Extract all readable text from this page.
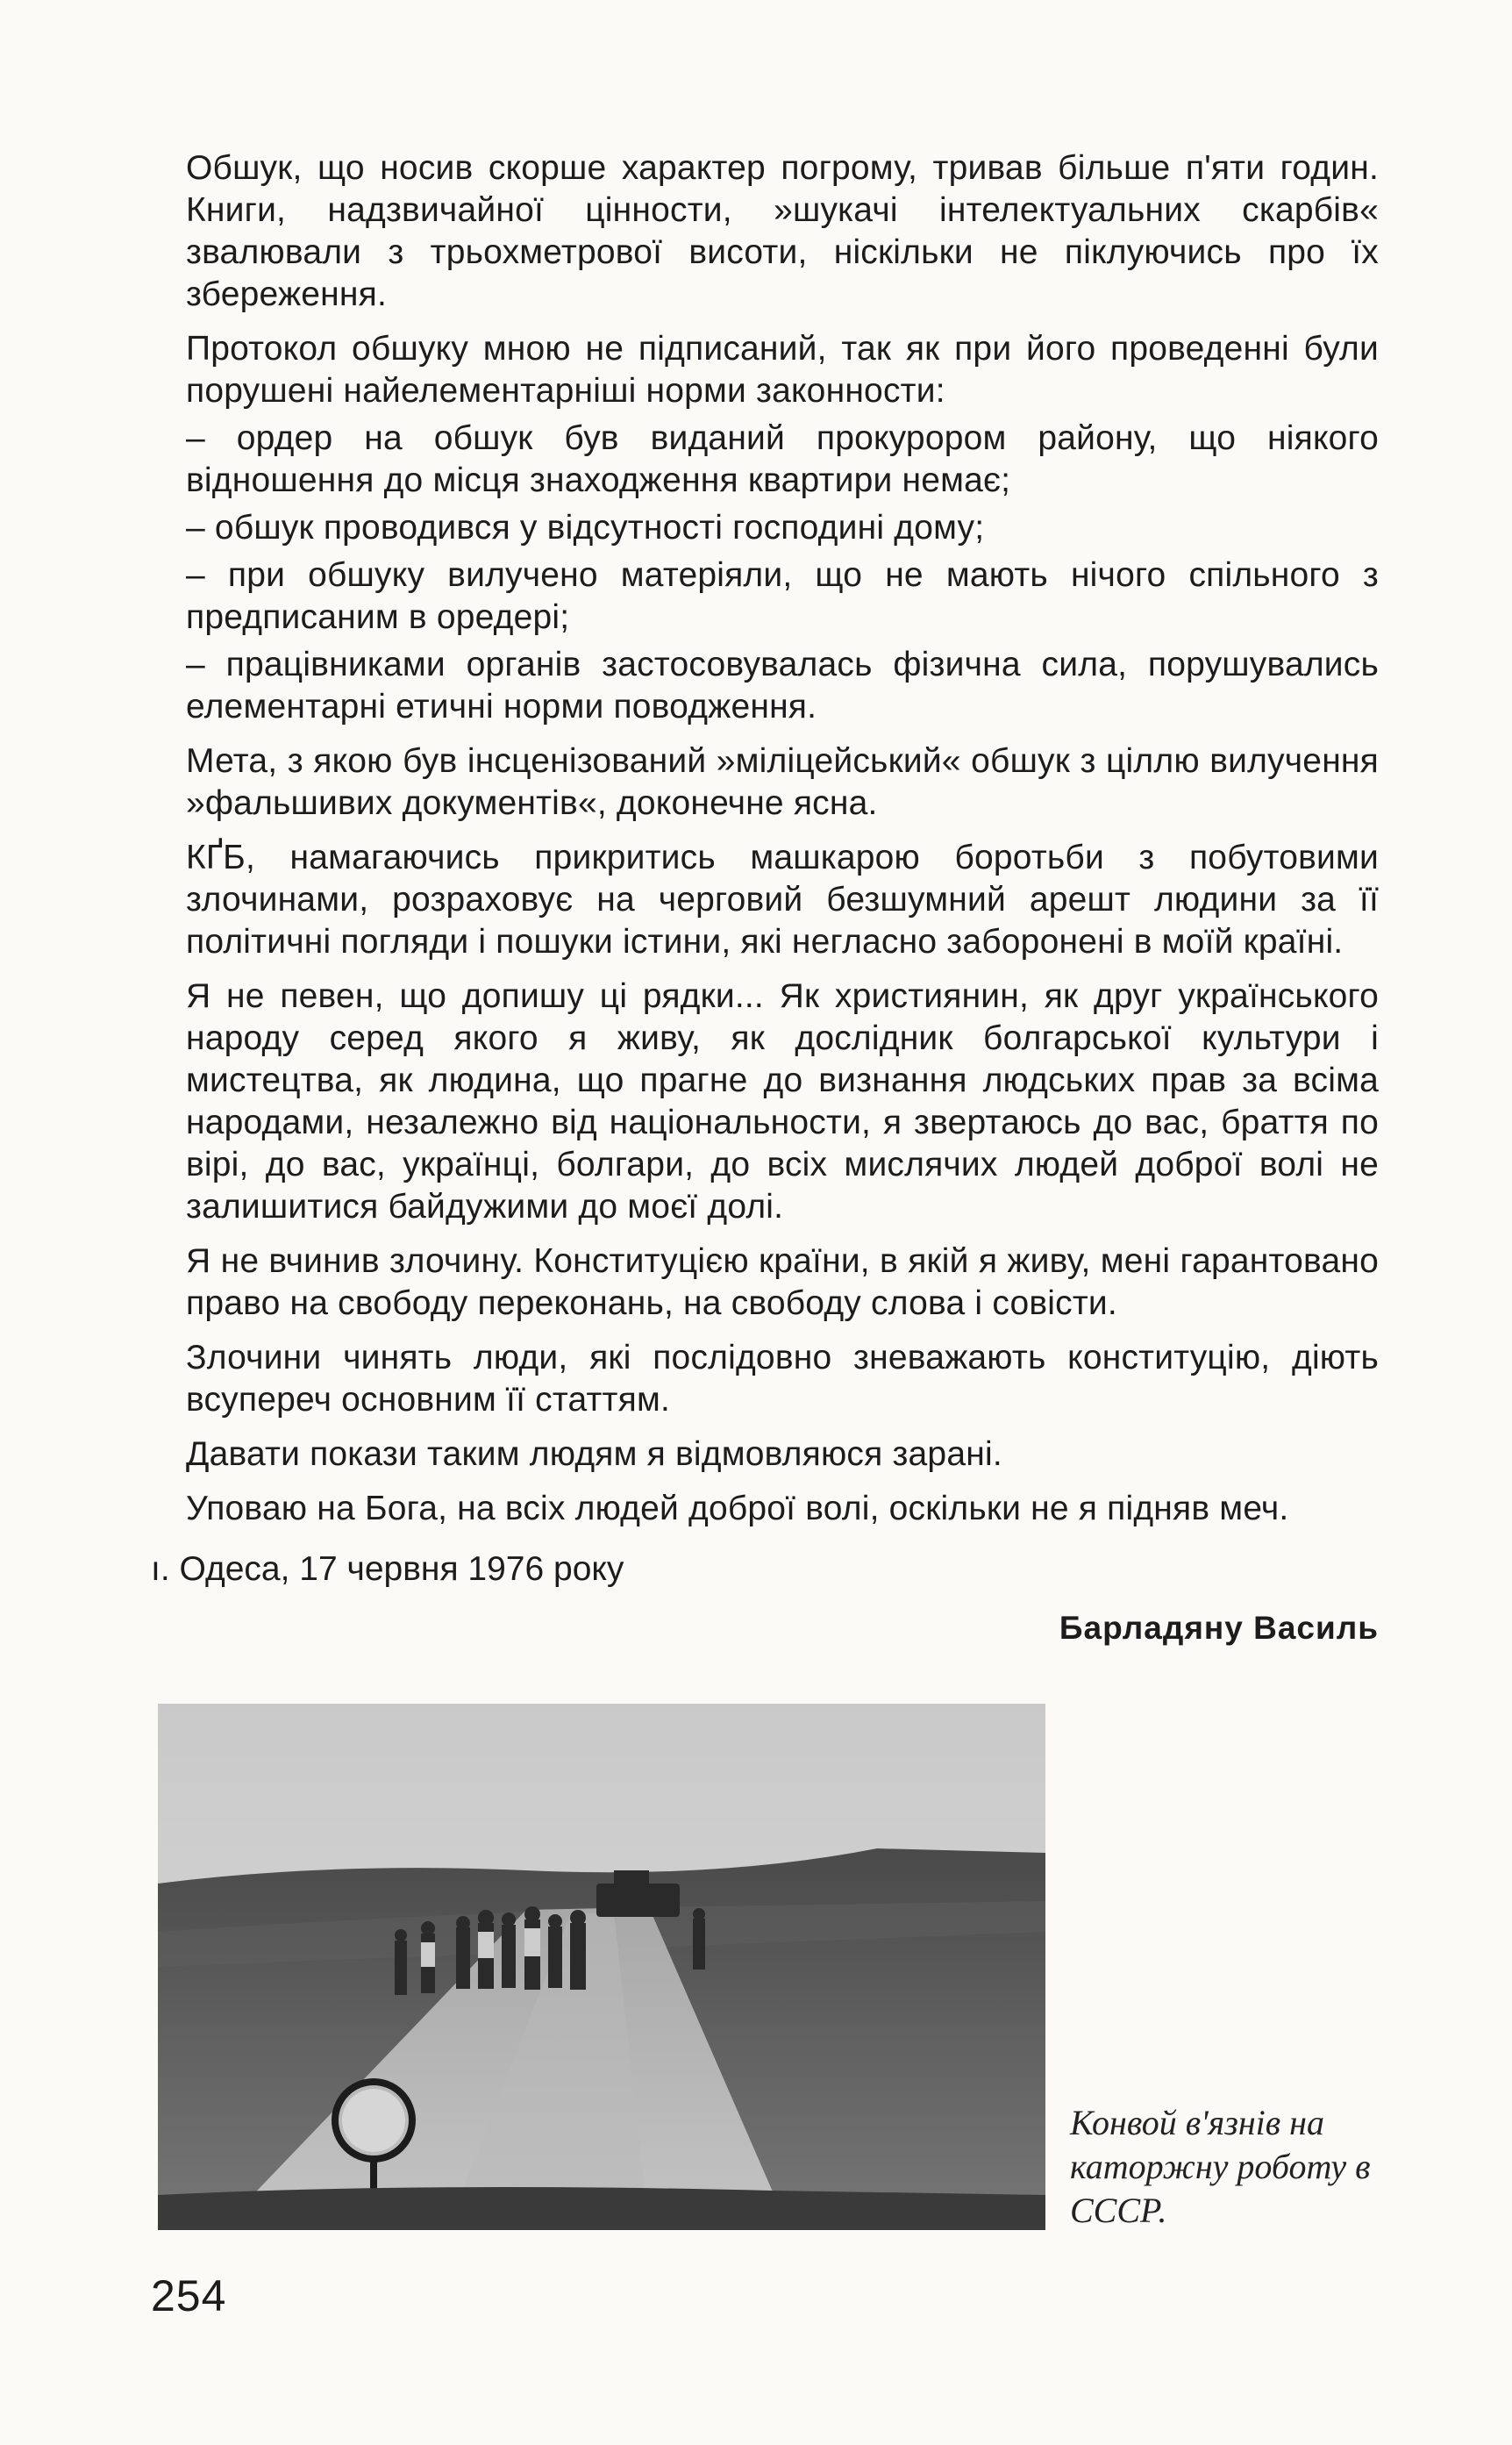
Обшук, що носив скорше характер погрому, тривав більше п'яти годин. Книги, надзвичайної цінности, »шукачі інтелектуальних скарбів« звалювали з трьохметрової висоти, ніскільки не піклуючись про їх збереження.

Протокол обшуку мною не підписаний, так як при його проведенні були порушені найелементарніші норми законности:

– ордер на обшук був виданий прокурором району, що ніякого відношення до місця знаходження квартири немає;

– обшук проводився у відсутності господині дому;

– при обшуку вилучено матеріяли, що не мають нічого спільного з предписаним в оредері;

– працівниками органів застосовувалась фізична сила, порушувались елементарні етичні норми поводження.

Мета, з якою був інсценізований »міліцейський« обшук з ціллю вилучення »фальшивих документів«, доконечне ясна.

КҐБ, намагаючись прикритись машкарою боротьби з побутовими злочинами, розраховує на черговий безшумний арешт людини за її політичні погляди і пошуки істини, які негласно заборонені в моїй країні.

Я не певен, що допишу ці рядки... Як християнин, як друг українського народу серед якого я живу, як дослідник болгарської культури і мистецтва, як людина, що прагне до визнання людських прав за всіма народами, незалежно від національности, я звертаюсь до вас, браття по вірі, до вас, українці, болгари, до всіх мислячих людей доброї волі не залишитися байдужими до моєї долі.

Я не вчинив злочину. Конституцією країни, в якій я живу, мені гарантовано право на свободу переконань, на свободу слова і совісти.

Злочини чинять люди, які послідовно зневажають конституцію, діють всупереч основним її статтям.

Давати покази таким людям я відмовляюся зарані.

Уповаю на Бога, на всіх людей доброї волі, оскільки не я підняв меч.

ı. Одеса, 17 червня 1976 року
Барладяну Василь
Конвой в'язнів на каторжну роботу в СССР.
254
